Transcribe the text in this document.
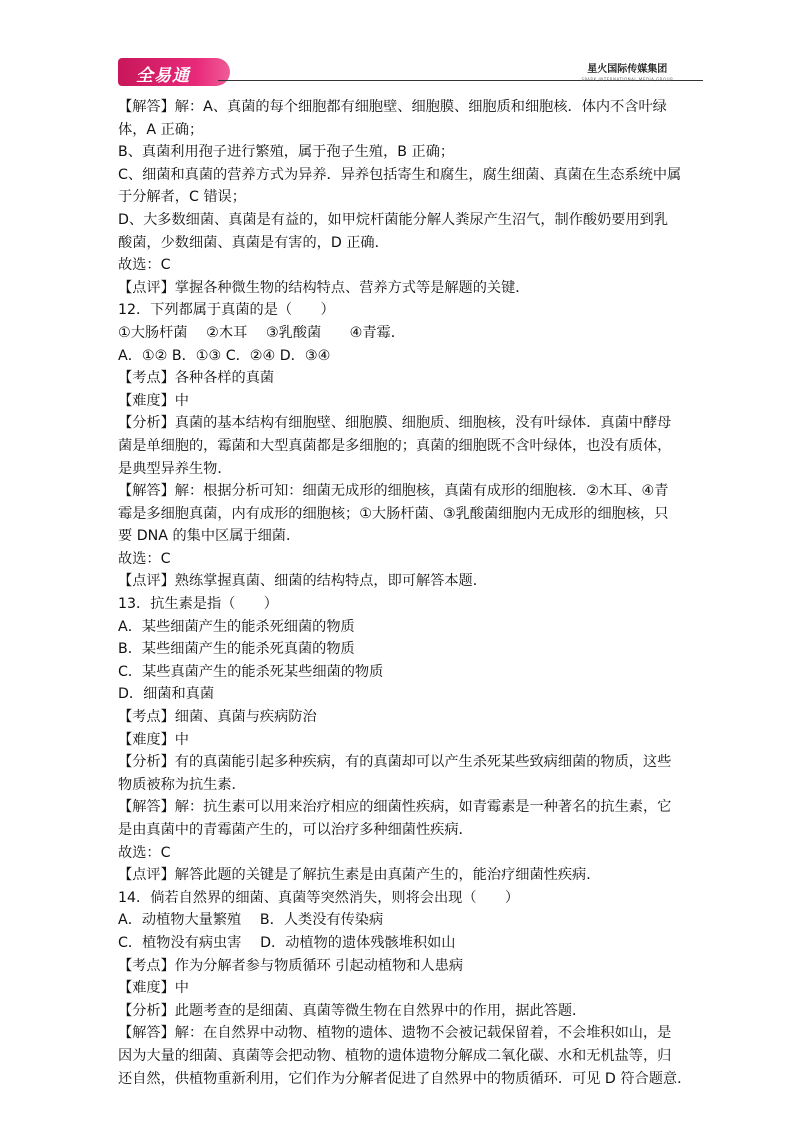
全易通	星火国际传媒集团
SPARK INTERNATIONAL MEDIA GROUP
【解答】解：A、真菌的每个细胞都有细胞壁、细胞膜、细胞质和细胞核．体内不含叶绿
体，A 正确；
B、真菌利用孢子进行繁殖，属于孢子生殖，B 正确；
C、细菌和真菌的营养方式为异养．异养包括寄生和腐生，腐生细菌、真菌在生态系统中属
于分解者，C 错误；
D、大多数细菌、真菌是有益的，如甲烷杆菌能分解人粪尿产生沼气，制作酸奶要用到乳
酸菌，少数细菌、真菌是有害的，D 正确．
故选：C
【点评】掌握各种微生物的结构特点、营养方式等是解题的关键．
12．下列都属于真菌的是（　　）
①大肠杆菌　 ②木耳　 ③乳酸菌　　④青霉．
A．①② B．①③ C．②④ D．③④
【考点】各种各样的真菌
【难度】中
【分析】真菌的基本结构有细胞壁、细胞膜、细胞质、细胞核，没有叶绿体．真菌中酵母
菌是单细胞的，霉菌和大型真菌都是多细胞的；真菌的细胞既不含叶绿体，也没有质体，
是典型异养生物．
【解答】解：根据分析可知：细菌无成形的细胞核，真菌有成形的细胞核．②木耳、④青
霉是多细胞真菌，内有成形的细胞核；①大肠杆菌、③乳酸菌细胞内无成形的细胞核，只
要 DNA 的集中区属于细菌．
故选：C
【点评】熟练掌握真菌、细菌的结构特点，即可解答本题．
13．抗生素是指（　　）
A．某些细菌产生的能杀死细菌的物质
B．某些细菌产生的能杀死真菌的物质
C．某些真菌产生的能杀死某些细菌的物质
D．细菌和真菌
【考点】细菌、真菌与疾病防治
【难度】中
【分析】有的真菌能引起多种疾病，有的真菌却可以产生杀死某些致病细菌的物质，这些
物质被称为抗生素．
【解答】解：抗生素可以用来治疗相应的细菌性疾病，如青霉素是一种著名的抗生素，它
是由真菌中的青霉菌产生的，可以治疗多种细菌性疾病．
故选：C
【点评】解答此题的关键是了解抗生素是由真菌产生的，能治疗细菌性疾病．
14．倘若自然界的细菌、真菌等突然消失，则将会出现（　　）
A．动植物大量繁殖　 B．人类没有传染病
C．植物没有病虫害　 D．动植物的遗体残骸堆积如山
【考点】作为分解者参与物质循环 引起动植物和人患病
【难度】中
【分析】此题考查的是细菌、真菌等微生物在自然界中的作用，据此答题．
【解答】解：在自然界中动物、植物的遗体、遗物不会被记载保留着，不会堆积如山，是
因为大量的细菌、真菌等会把动物、植物的遗体遗物分解成二氧化碳、水和无机盐等，归
还自然，供植物重新利用，它们作为分解者促进了自然界中的物质循环．可见 D 符合题意．
